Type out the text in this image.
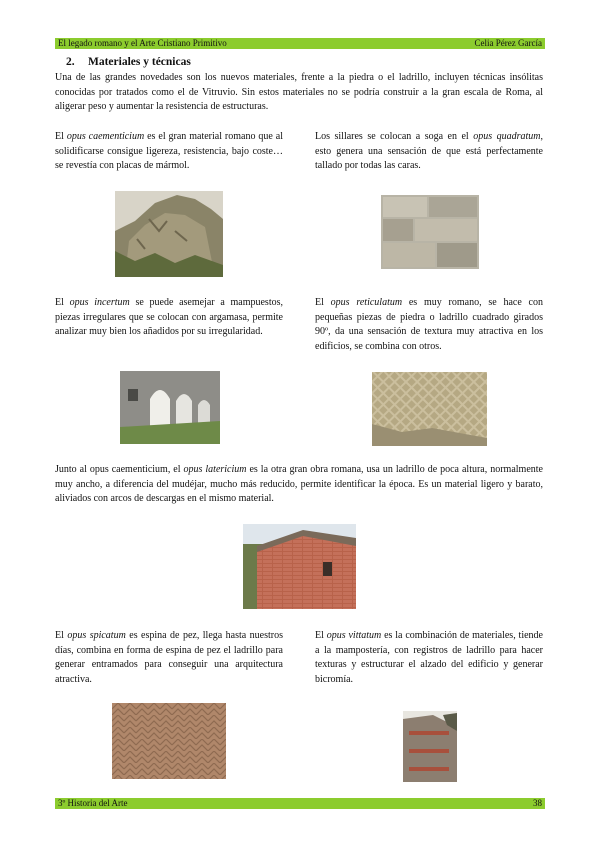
El legado romano y el Arte Cristiano Primitivo	Celia Pérez García
2. Materiales y técnicas

Una de las grandes novedades son los nuevos materiales, frente a la piedra o el ladrillo, incluyen técnicas insólitas conocidas por tratados como el de Vitruvio. Sin estos materiales no se podría construir a la gran escala de Roma, al aligerar peso y aumentar la resistencia de estructuras.

El opus caementicium es el gran material romano que al solidificarse consigue ligereza, resistencia, bajo coste… se revestía con placas de mármol.

Los sillares se colocan a soga en el opus quadratum, esto genera una sensación de que está perfectamente tallado por todas las caras.

El opus incertum se puede asemejar a mampuestos, piezas irregulares que se colocan con argamasa, permite analizar muy bien los añadidos por su irregularidad.

El opus reticulatum es muy romano, se hace con pequeñas piezas de piedra o ladrillo cuadrado girados 90º, da una sensación de textura muy atractiva en los edificios, se combina con otros.

Junto al opus caementicium, el opus latericium es la otra gran obra romana, usa un ladrillo de poca altura, normalmente muy ancho, a diferencia del mudéjar, mucho más reducido, permite identificar la época. Es un material ligero y barato, aliviados con arcos de descargas en el mismo material.

El opus spicatum es espina de pez, llega hasta nuestros días, combina en forma de espina de pez el ladrillo para generar entramados para conseguir una arquitectura atractiva.

El opus vittatum es la combinación de materiales, tiende a la mampostería, con registros de ladrillo para hacer texturas y estructurar el alzado del edificio y generar bicromía.

3º Historia del Arte	38
